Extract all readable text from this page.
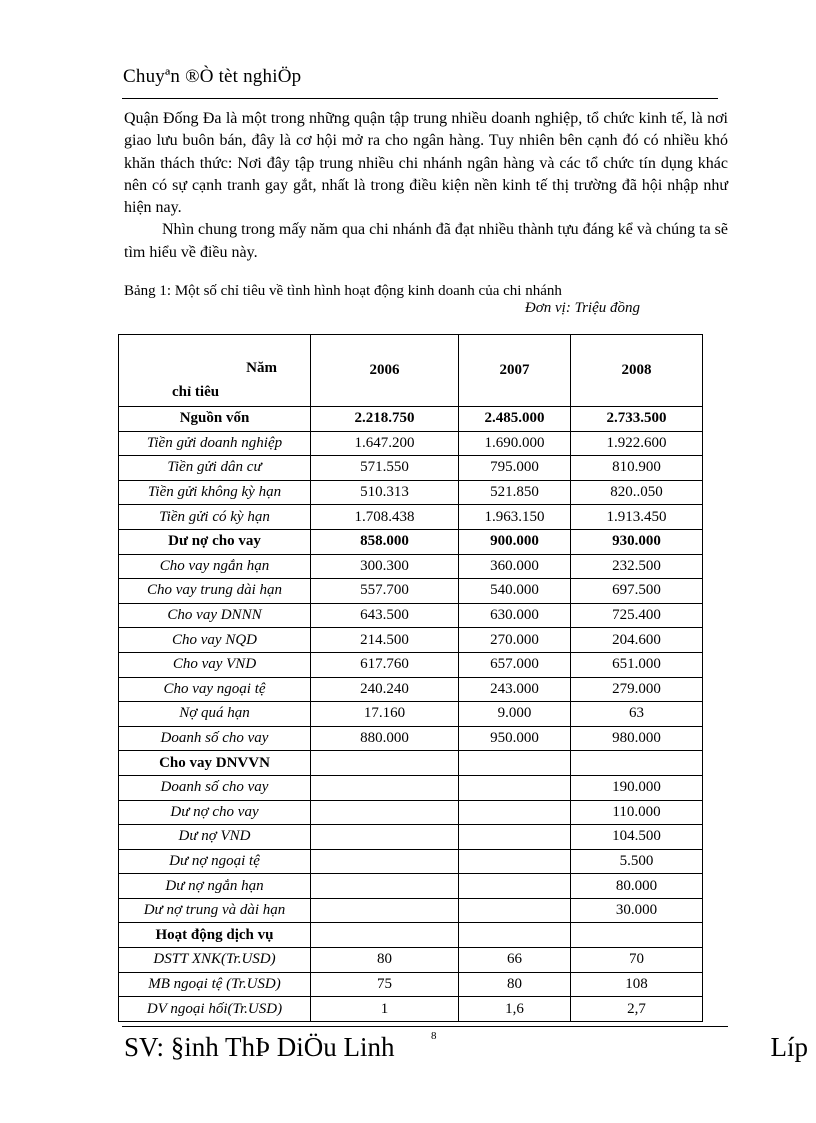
Chuyªn ®Ò tèt nghiÖp

Quận Đống Đa là một trong những quận tập trung nhiều doanh nghiệp, tổ chức kinh tế, là nơi giao lưu buôn bán, đây là cơ hội mở ra cho ngân hàng. Tuy nhiên bên cạnh đó có nhiều khó khăn thách thức: Nơi đây tập trung nhiều chi nhánh ngân hàng và các tổ chức tín dụng khác nên có sự cạnh tranh gay gắt, nhất là trong điều kiện nền kinh tế thị trường đã hội nhập như hiện nay.

Nhìn chung trong mấy năm qua chi nhánh đã đạt nhiều thành tựu đáng kể và chúng ta sẽ tìm hiểu về điều này.

Bảng 1: Một số chỉ tiêu về tình hình hoạt động kinh doanh của chi nhánh
Đơn vị: Triệu đồng
Năm
chỉ tiêu	2006	2007	2008
Nguồn vốn	2.218.750	2.485.000	2.733.500
Tiền gửi doanh nghiệp	1.647.200	1.690.000	1.922.600
Tiền gửi dân cư	571.550	795.000	810.900
Tiền gửi không kỳ hạn	510.313	521.850	820..050
Tiền gửi có kỳ hạn	1.708.438	1.963.150	1.913.450
Dư nợ cho vay	858.000	900.000	930.000
Cho vay ngắn hạn	300.300	360.000	232.500
Cho vay trung dài hạn	557.700	540.000	697.500
Cho vay DNNN	643.500	630.000	725.400
Cho vay NQD	214.500	270.000	204.600
Cho vay VND	617.760	657.000	651.000
Cho vay ngoại tệ	240.240	243.000	279.000
Nợ quá hạn	17.160	9.000	63
Doanh số cho vay	880.000	950.000	980.000
Cho vay DNVVN			
Doanh số cho vay			190.000
Dư nợ cho vay			110.000
Dư nợ VND			104.500
Dư nợ ngoại tệ			5.500
Dư nợ ngắn hạn			80.000
Dư nợ trung và dài hạn			30.000
Hoạt động dịch vụ			
DSTT XNK(Tr.USD)	80	66	70
MB ngoại tệ (Tr.USD)	75	80	108
DV ngoại hối(Tr.USD)	1	1,6	2,7
SV: §inh ThÞ DiÖu Linh	8	Líp
